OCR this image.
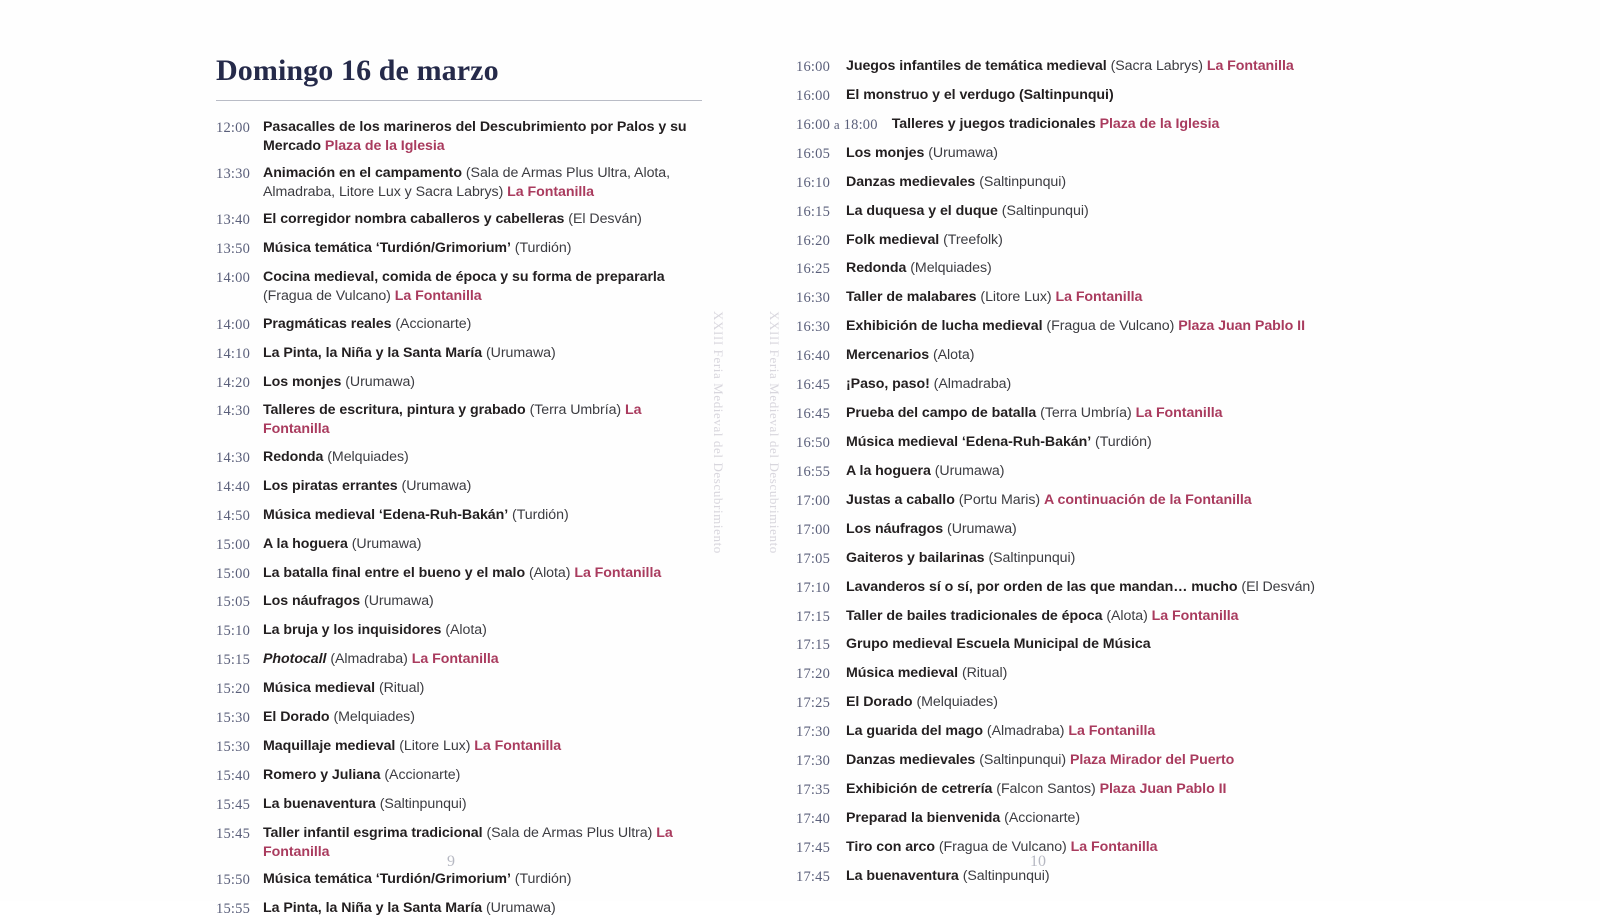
Domingo 16 de marzo
12:00 Pasacalles de los marineros del Descubrimiento por Palos y su Mercado Plaza de la Iglesia
13:30 Animación en el campamento (Sala de Armas Plus Ultra, Alota, Almadraba, Litore Lux y Sacra Labrys) La Fontanilla
13:40 El corregidor nombra caballeros y cabelleras (El Desván)
13:50 Música temática ‘Turdión/Grimorium’ (Turdión)
14:00 Cocina medieval, comida de época y su forma de prepararla (Fragua de Vulcano) La Fontanilla
14:00 Pragmáticas reales (Accionarte)
14:10 La Pinta, la Niña y la Santa María (Urumawa)
14:20 Los monjes (Urumawa)
14:30 Talleres de escritura, pintura y grabado (Terra Umbría) La Fontanilla
14:30 Redonda (Melquiades)
14:40 Los piratas errantes (Urumawa)
14:50 Música medieval ‘Edena-Ruh-Bakán’ (Turdión)
15:00 A la hoguera (Urumawa)
15:00 La batalla final entre el bueno y el malo (Alota) La Fontanilla
15:05 Los náufragos (Urumawa)
15:10 La bruja y los inquisidores (Alota)
15:15 Photocall (Almadraba) La Fontanilla
15:20 Música medieval (Ritual)
15:30 El Dorado (Melquiades)
15:30 Maquillaje medieval (Litore Lux) La Fontanilla
15:40 Romero y Juliana (Accionarte)
15:45 La buenaventura (Saltinpunqui)
15:45 Taller infantil esgrima tradicional (Sala de Armas Plus Ultra) La Fontanilla
15:50 Música temática ‘Turdión/Grimorium’ (Turdión)
15:55 La Pinta, la Niña y la Santa María (Urumawa)
XXIII Feria Medieval del Descubrimiento	XXIII Feria Medieval del Descubrimiento
16:00	Juegos infantiles de temática medieval (Sacra Labrys) La Fontanilla
16:00	El monstruo y el verdugo (Saltinpunqui)
16:00 a 18:00 Talleres y juegos tradicionales Plaza de la Iglesia
16:05	Los monjes (Urumawa)
16:10	Danzas medievales (Saltinpunqui)
16:15	La duquesa y el duque (Saltinpunqui)
16:20	Folk medieval (Treefolk)
16:25	Redonda (Melquiades)
16:30	Taller de malabares (Litore Lux) La Fontanilla
16:30	Exhibición de lucha medieval (Fragua de Vulcano) Plaza Juan Pablo II
16:40	Mercenarios (Alota)
16:45	¡Paso, paso! (Almadraba)
16:45	Prueba del campo de batalla (Terra Umbría) La Fontanilla
16:50	Música medieval ‘Edena-Ruh-Bakán’ (Turdión)
16:55	A la hoguera (Urumawa)
17:00	Justas a caballo (Portu Maris) A continuación de la Fontanilla
17:00	Los náufragos (Urumawa)
17:05	Gaiteros y bailarinas (Saltinpunqui)
17:10	Lavanderos sí o sí, por orden de las que mandan… mucho (El Desván)
17:15	Taller de bailes tradicionales de época (Alota) La Fontanilla
17:15	Grupo medieval Escuela Municipal de Música
17:20	Música medieval (Ritual)
17:25	El Dorado (Melquiades)
17:30	La guarida del mago (Almadraba) La Fontanilla
17:30	Danzas medievales (Saltinpunqui) Plaza Mirador del Puerto
17:35	Exhibición de cetrería (Falcon Santos) Plaza Juan Pablo II
17:40	Preparad la bienvenida (Accionarte)
17:45	Tiro con arco (Fragua de Vulcano) La Fontanilla
17:45	La buenaventura (Saltinpunqui)
9	10
